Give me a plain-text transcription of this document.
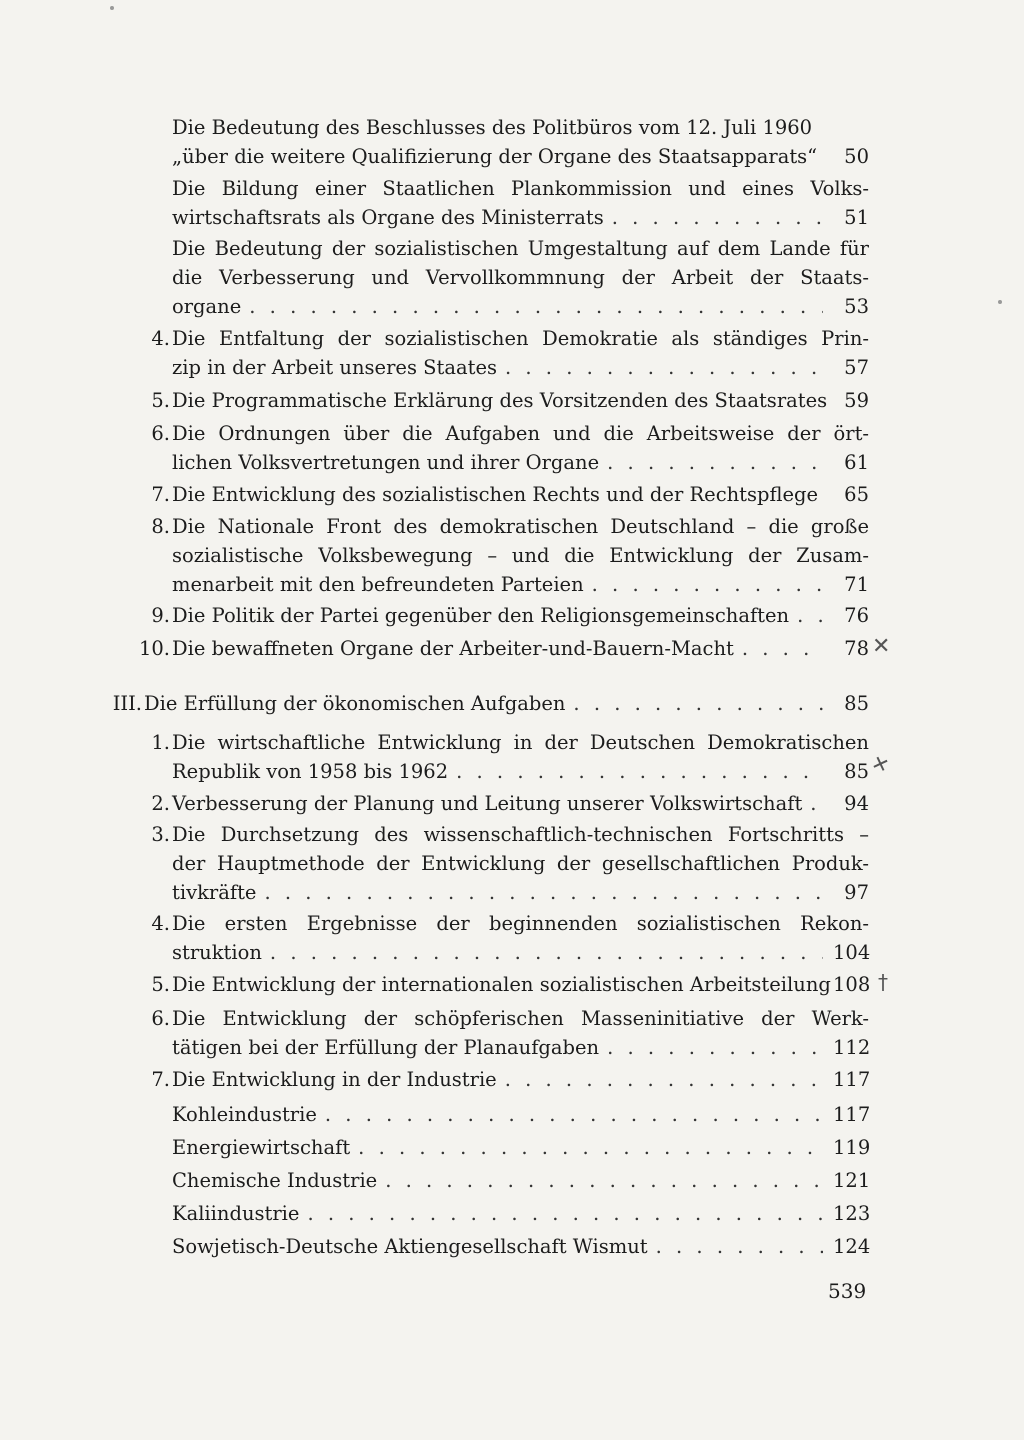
Die Bedeutung des Beschlusses des Politbüros vom 12. Juli 1960
„über die weitere Qualifizierung der Organe des Staatsapparats“	50
Die Bildung einer Staatlichen Plankommission und eines Volks-
wirtschaftsrats als Organe des Ministerrats . . .	51
Die Bedeutung der sozialistischen Umgestaltung auf dem Lande für
die Verbesserung und Vervollkommnung der Arbeit der Staats-
organe . . .	53
4. Die Entfaltung der sozialistischen Demokratie als ständiges Prin-
zip in der Arbeit unseres Staates . . .	57
5. Die Programmatische Erklärung des Vorsitzenden des Staatsrates 59
6. Die Ordnungen über die Aufgaben und die Arbeitsweise der ört-
lichen Volksvertretungen und ihrer Organe . . .	61
7. Die Entwicklung des sozialistischen Rechts und der Rechtspflege	65
8. Die Nationale Front des demokratischen Deutschland – die große
sozialistische Volksbewegung – und die Entwicklung der Zusam-
menarbeit mit den befreundeten Parteien . . .	71
9. Die Politik der Partei gegenüber den Religionsgemeinschaften . . .	76
10. Die bewaffneten Organe der Arbeiter-und-Bauern-Macht . . .	78
III. Die Erfüllung der ökonomischen Aufgaben . . .	85
1. Die wirtschaftliche Entwicklung in der Deutschen Demokratischen
Republik von 1958 bis 1962 . . .	85
2. Verbesserung der Planung und Leitung unserer Volkswirtschaft . . .	94
3. Die Durchsetzung des wissenschaftlich-technischen Fortschritts –
der Hauptmethode der Entwicklung der gesellschaftlichen Produk-
tivkräfte . . .	97
4. Die ersten Ergebnisse der beginnenden sozialistischen Rekon-
struktion . . .	104
5. Die Entwicklung der internationalen sozialistischen Arbeitsteilung 108
6. Die Entwicklung der schöpferischen Masseninitiative der Werk-
tätigen bei der Erfüllung der Planaufgaben . . .	112
7. Die Entwicklung in der Industrie . . .	117
Kohleindustrie . . .	117
Energiewirtschaft . . .	119
Chemische Industrie . . .	121
Kaliindustrie . . .	123
Sowjetisch-Deutsche Aktiengesellschaft Wismut . . .	124
539
✕
✕
†
